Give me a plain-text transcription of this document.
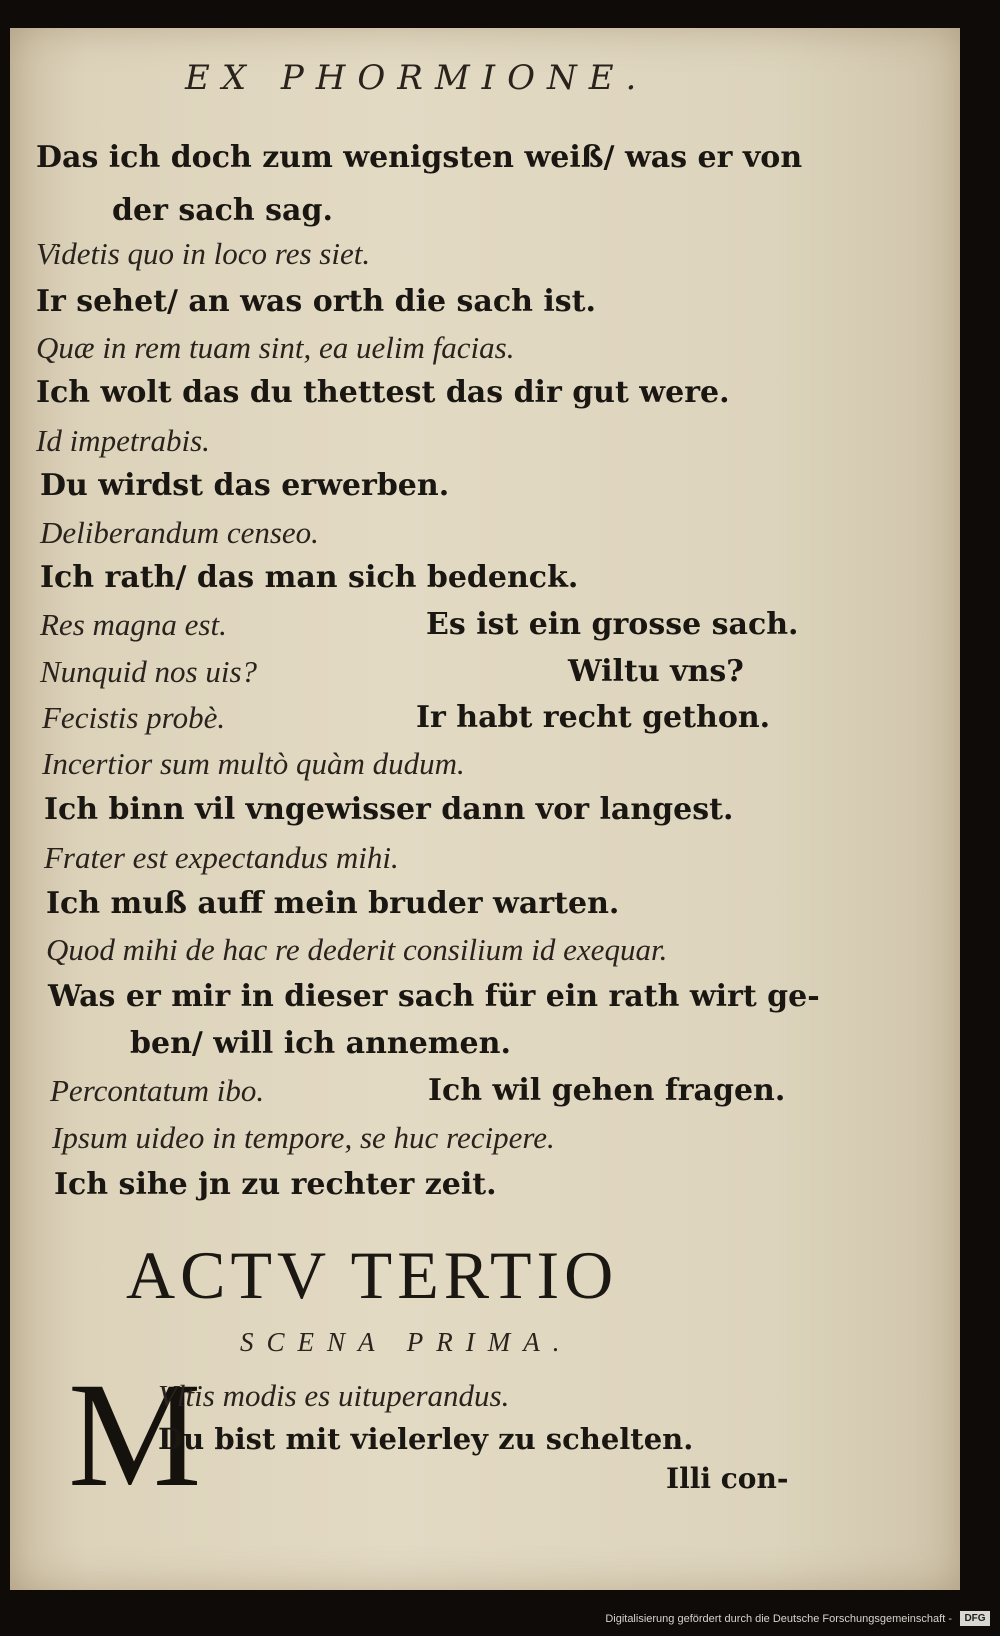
EX PHORMIONE.
Das ich doch zum wenigsten weiß/ was er von
der sach sag.
Videtis quo in loco res siet.
Ir sehet/ an was orth die sach ist.
Quæ in rem tuam sint, ea uelim facias.
Ich wolt das du thettest das dir gut were.
Id impetrabis.
Du wirdst das erwerben.
Deliberandum censeo.
Ich rath/ das man sich bedenck.
Res magna est.	Es ist ein grosse sach.
Nunquid nos uis?	Wiltu vns?
Fecistis probè.	Ir habt recht gethon.
Incertior sum multò quàm dudum.
Ich binn vil vngewisser dann vor langest.
Frater est expectandus mihi.
Ich muß auff mein bruder warten.
Quod mihi de hac re dederit consilium id exequar.
Was er mir in dieser sach für ein rath wirt ge-
ben/ will ich annemen.
Percontatum ibo.	Ich wil gehen fragen.
Ipsum uideo in tempore, se huc recipere.
Ich sihe jn zu rechter zeit.
ACTV TERTIO
SCENA PRIMA.
M
Vltis modis es uituperandus.
Du bist mit vielerley zu schelten.
Illi con-
Digitalisierung gefördert durch die Deutsche Forschungsgemeinschaft -	DFG
